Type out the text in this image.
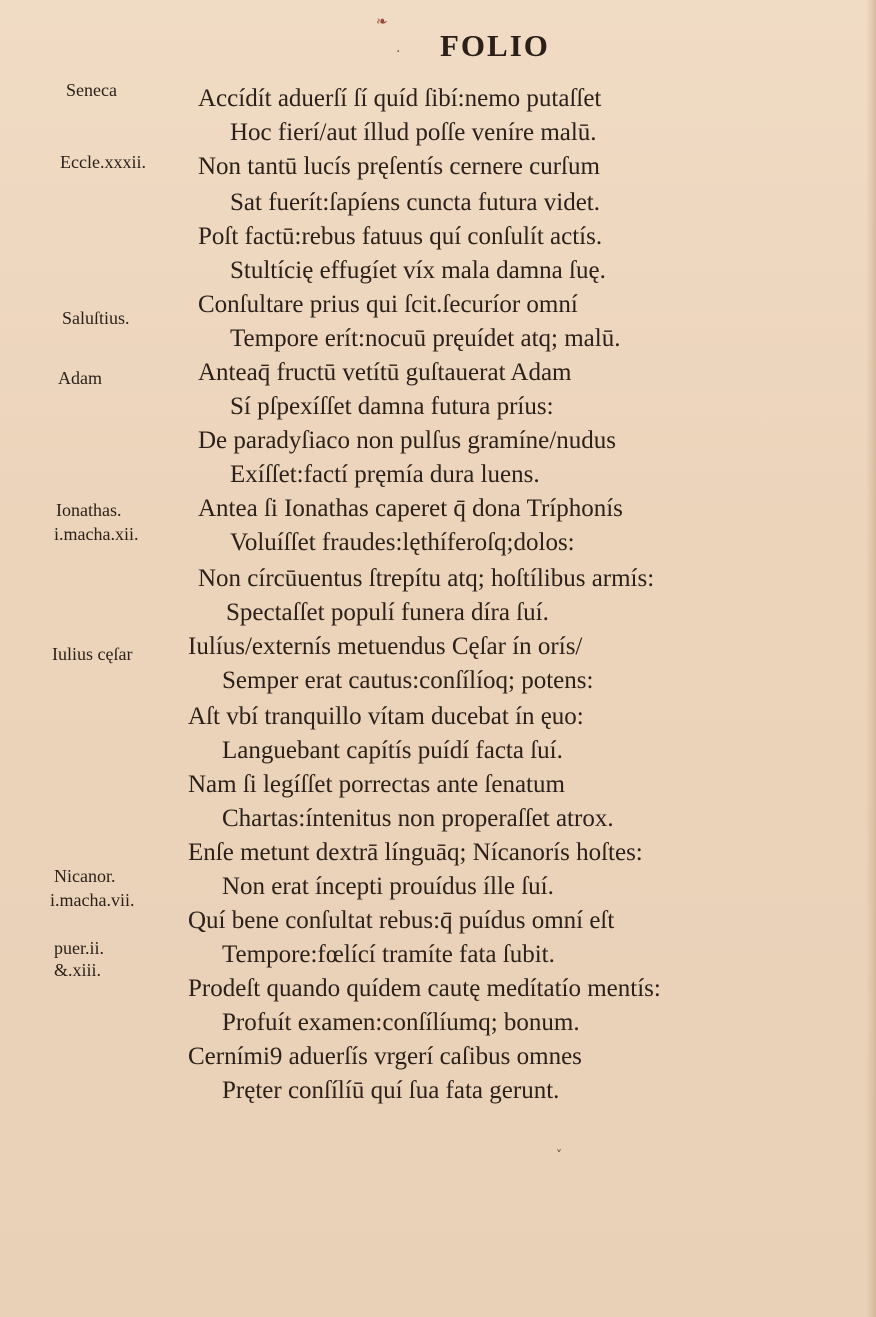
❧
· FOLIO
Seneca
Eccle.xxxii.
Saluſtius.
Adam
Ionathas.
i.macha.xii.
Iulius cęſar
Nicanor.
i.macha.vii.
puer.ii.
&.xiii.
Accídít aduerſí ſí quíd ſibí:nemo putaſſet
Hoc fierí/aut íllud poſſe veníre malū.
Non tantū lucís pręſentís cernere curſum
Sat fuerít:ſapíens cuncta futura videt.
Poſt factū:rebus fatuus quí conſulít actís.
Stultícię effugíet víx mala damna ſuę.
Conſultare prius qui ſcit.ſecuríor omní
Tempore erít:nocuū pręuídet atq; malū.
Anteaq̄ fructū vetítū guſtauerat Adam
Sí pſpexíſſet damna futura príus:
De paradyſiaco non pulſus gramíne/nudus
Exíſſet:factí pręmía dura luens.
Antea ſi Ionathas caperet q̄ dona Tríphonís
Voluíſſet fraudes:lęthíferoſq;dolos:
Non círcūuentus ſtrepítu atq; hoſtílibus armís:
Spectaſſet populí funera díra ſuí.
Iulíus/externís metuendus Cęſar ín orís/
Semper erat cautus:conſílíoq; potens:
Aſt vbí tranquillo vítam ducebat ín ęuo:
Languebant capítís puídí facta ſuí.
Nam ſi legíſſet porrectas ante ſenatum
Chartas:íntenitus non properaſſet atrox.
Enſe metunt dextrā línguāq; Nícanorís hoſtes:
Non erat íncepti prouídus ílle ſuí.
Quí bene conſultat rebus:q̄ puídus omní eſt
Tempore:fœlící tramíte fata ſubit.
Prodeſt quando quídem cautę medítatío mentís:
Profuít examen:conſílíumq; bonum.
Cerními9 aduerſís vrgerí caſibus omnes
Pręter conſílíū quí ſua fata gerunt.
˅
